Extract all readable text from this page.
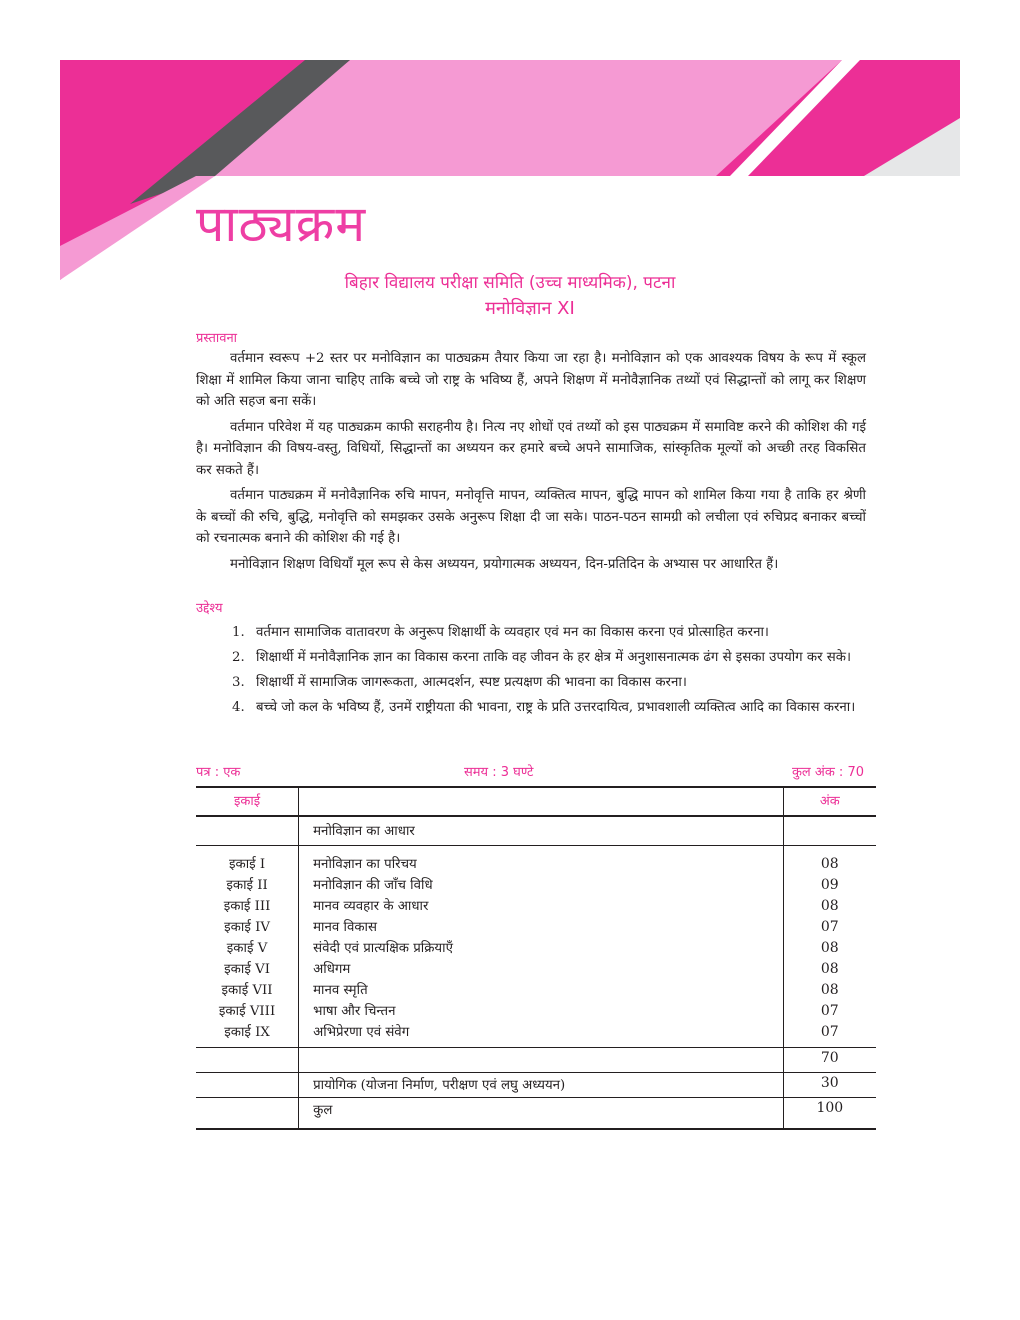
पाठ्यक्रम
बिहार विद्यालय परीक्षा समिति (उच्च माध्यमिक), पटना
मनोविज्ञान XI
प्रस्तावना

वर्तमान स्वरूप +2 स्तर पर मनोविज्ञान का पाठ्यक्रम तैयार किया जा रहा है। मनोविज्ञान को एक आवश्यक विषय के रूप में स्कूल शिक्षा में शामिल किया जाना चाहिए ताकि बच्चे जो राष्ट्र के भविष्य हैं, अपने शिक्षण में मनोवैज्ञानिक तथ्यों एवं सिद्धान्तों को लागू कर शिक्षण को अति सहज बना सकें।

वर्तमान परिवेश में यह पाठ्यक्रम काफी सराहनीय है। नित्य नए शोधों एवं तथ्यों को इस पाठ्यक्रम में समाविष्ट करने की कोशिश की गई है। मनोविज्ञान की विषय-वस्तु, विधियों, सिद्धान्तों का अध्ययन कर हमारे बच्चे अपने सामाजिक, सांस्कृतिक मूल्यों को अच्छी तरह विकसित कर सकते हैं।

वर्तमान पाठ्यक्रम में मनोवैज्ञानिक रुचि मापन, मनोवृत्ति मापन, व्यक्तित्व मापन, बुद्धि मापन को शामिल किया गया है ताकि हर श्रेणी के बच्चों की रुचि, बुद्धि, मनोवृत्ति को समझकर उसके अनुरूप शिक्षा दी जा सके। पाठन-पठन सामग्री को लचीला एवं रुचिप्रद बनाकर बच्चों को रचनात्मक बनाने की कोशिश की गई है।

मनोविज्ञान शिक्षण विधियाँ मूल रूप से केस अध्ययन, प्रयोगात्मक अध्ययन, दिन-प्रतिदिन के अभ्यास पर आधारित हैं।

उद्देश्य
1. वर्तमान सामाजिक वातावरण के अनुरूप शिक्षार्थी के व्यवहार एवं मन का विकास करना एवं प्रोत्साहित करना।
2. शिक्षार्थी में मनोवैज्ञानिक ज्ञान का विकास करना ताकि वह जीवन के हर क्षेत्र में अनुशासनात्मक ढंग से इसका उपयोग कर सके।
3. शिक्षार्थी में सामाजिक जागरूकता, आत्मदर्शन, स्पष्ट प्रत्यक्षण की भावना का विकास करना।
4. बच्चे जो कल के भविष्य हैं, उनमें राष्ट्रीयता की भावना, राष्ट्र के प्रति उत्तरदायित्व, प्रभावशाली व्यक्तित्व आदि का विकास करना।
पत्र : एक	समय : 3 घण्टे	कुल अंक : 70
इकाई		अंक
	मनोविज्ञान का आधार	
इकाई I	मनोविज्ञान का परिचय	08
इकाई II	मनोविज्ञान की जाँच विधि	09
इकाई III	मानव व्यवहार के आधार	08
इकाई IV	मानव विकास	07
इकाई V	संवेदी एवं प्रात्यक्षिक प्रक्रियाएँ	08
इकाई VI	अधिगम	08
इकाई VII	मानव स्मृति	08
इकाई VIII	भाषा और चिन्तन	07
इकाई IX	अभिप्रेरणा एवं संवेग	07
		70
	प्रायोगिक (योजना निर्माण, परीक्षण एवं लघु अध्ययन)	30
	कुल	100
